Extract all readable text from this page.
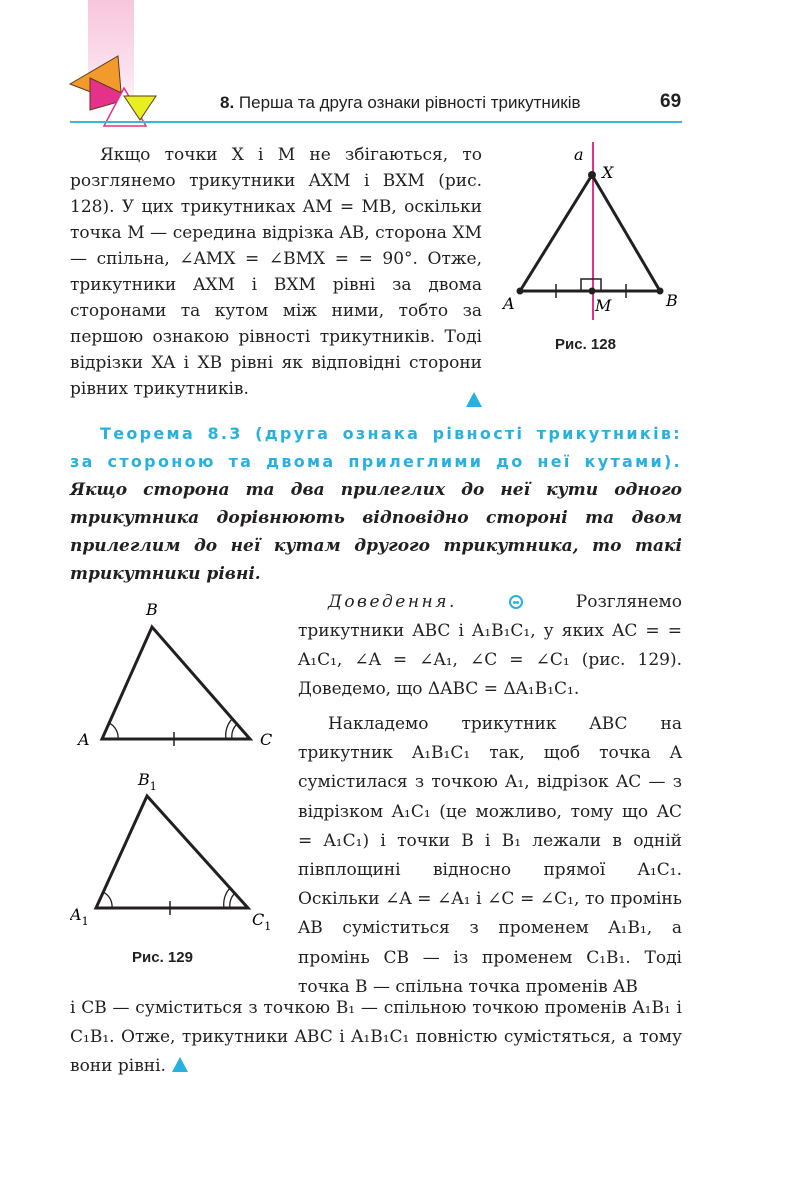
8. Перша та друга ознаки рівності трикутників	69
Якщо точки X і M не збігаються, то розглянемо трикутники AXM і BXM (рис. 128). У цих трикутниках AM = MB, оскільки точка M — середина відрізка AB, сторона XM — спільна, ∠AMX = ∠BMX = = 90°. Отже, трикутники AXM і BXM рівні за двома сторонами та кутом між ними, тобто за першою ознакою рівності трикутників. Тоді відрізки XA і XB рівні як відповідні сторони рівних трикутників.
a
X
A	M	B
Рис. 128
Теорема 8.3 (друга ознака рівності трикутників: за стороною та двома прилеглими до неї кутами). Якщо сторона та два прилеглих до неї кути одного трикутника дорівнюють відповідно стороні та двом прилеглим до неї кутам другого трикутника, то такі трикутники рівні.
B
A	C
$B_1$
$A_1$	$C_1$
Рис. 129
Доведення.	Розглянемо трикутники ABC і A₁B₁C₁, у яких AC = = A₁C₁, ∠A = ∠A₁, ∠C = ∠C₁ (рис. 129). Доведемо, що ΔABC = ΔA₁B₁C₁.
Накладемо трикутник ABC на трикутник A₁B₁C₁ так, щоб точка A сумістилася з точкою A₁, відрізок AC — з відрізком A₁C₁ (це можливо, тому що AC = A₁C₁) і точки B і B₁ лежали в одній півплощині відносно прямої A₁C₁. Оскільки ∠A = ∠A₁ і ∠C = ∠C₁, то промінь AB суміститься з променем A₁B₁, а промінь CB — із променем C₁B₁. Тоді точка B — спільна точка променів AB
і CB — суміститься з точкою B₁ — спільною точкою променів A₁B₁ і C₁B₁. Отже, трикутники ABC і A₁B₁C₁ повністю сумістяться, а тому вони рівні.
